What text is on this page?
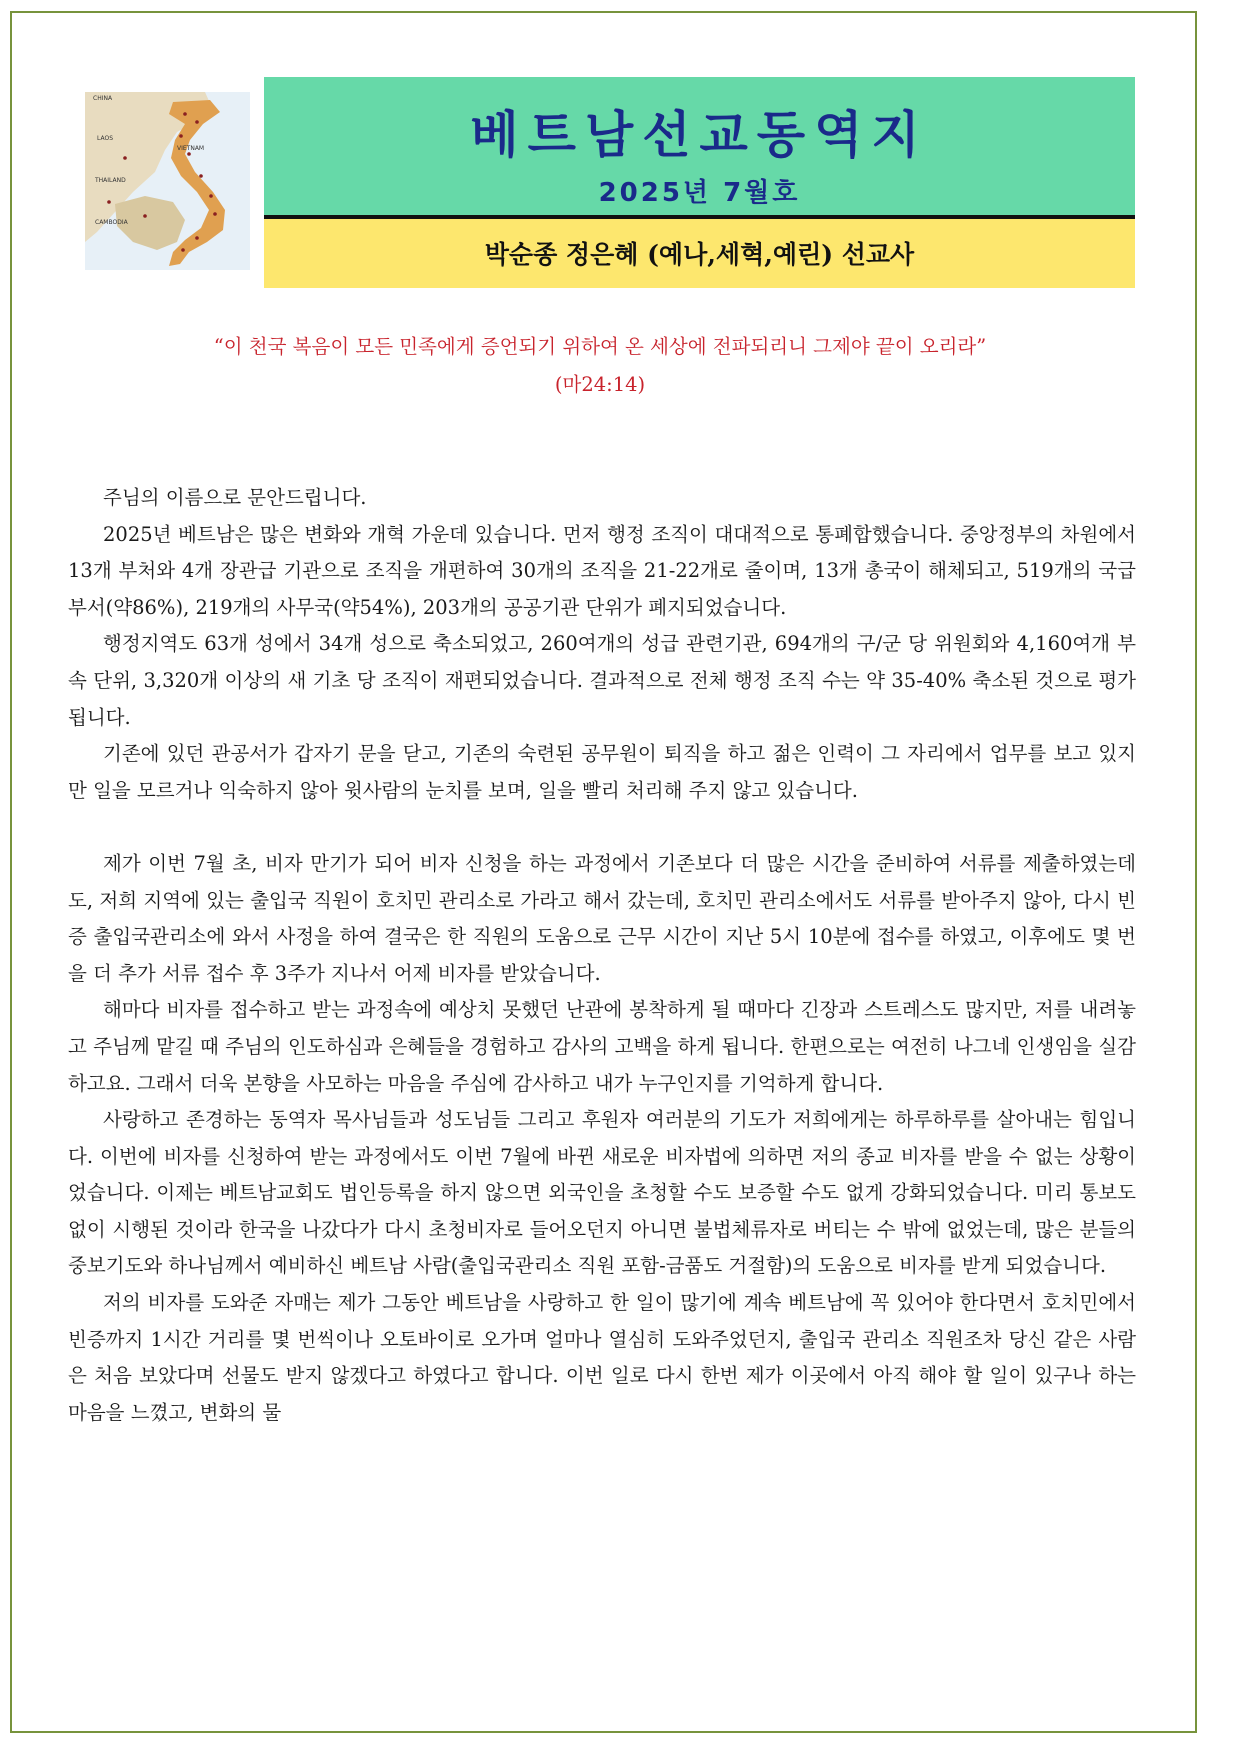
CHINA
LAOS
VIETNAM
THAILAND
CAMBODIA
베트남선교동역지
2025년 7월호
박순종 정은혜 (예나,세혁,예린) 선교사
“이 천국 복음이 모든 민족에게 증언되기 위하여 온 세상에 전파되리니 그제야 끝이 오리라”
(마24:14)

주님의 이름으로 문안드립니다.

2025년 베트남은 많은 변화와 개혁 가운데 있습니다. 먼저 행정 조직이 대대적으로 통폐합했습니다. 중앙정부의 차원에서 13개 부처와 4개 장관급 기관으로 조직을 개편하여 30개의 조직을 21-22개로 줄이며, 13개 총국이 해체되고, 519개의 국급 부서(약86%), 219개의 사무국(약54%), 203개의 공공기관 단위가 폐지되었습니다.

행정지역도 63개 성에서 34개 성으로 축소되었고, 260여개의 성급 관련기관, 694개의 구/군 당 위원회와 4,160여개 부속 단위, 3,320개 이상의 새 기초 당 조직이 재편되었습니다. 결과적으로 전체 행정 조직 수는 약 35-40% 축소된 것으로 평가됩니다.

기존에 있던 관공서가 갑자기 문을 닫고, 기존의 숙련된 공무원이 퇴직을 하고 젊은 인력이 그 자리에서 업무를 보고 있지만 일을 모르거나 익숙하지 않아 윗사람의 눈치를 보며, 일을 빨리 처리해 주지 않고 있습니다.

제가 이번 7월 초, 비자 만기가 되어 비자 신청을 하는 과정에서 기존보다 더 많은 시간을 준비하여 서류를 제출하였는데도, 저희 지역에 있는 출입국 직원이 호치민 관리소로 가라고 해서 갔는데, 호치민 관리소에서도 서류를 받아주지 않아, 다시 빈증 출입국관리소에 와서 사정을 하여 결국은 한 직원의 도움으로 근무 시간이 지난 5시 10분에 접수를 하였고, 이후에도 몇 번을 더 추가 서류 접수 후 3주가 지나서 어제 비자를 받았습니다.

해마다 비자를 접수하고 받는 과정속에 예상치 못했던 난관에 봉착하게 될 때마다 긴장과 스트레스도 많지만, 저를 내려놓고 주님께 맡길 때 주님의 인도하심과 은혜들을 경험하고 감사의 고백을 하게 됩니다. 한편으로는 여전히 나그네 인생임을 실감하고요. 그래서 더욱 본향을 사모하는 마음을 주심에 감사하고 내가 누구인지를 기억하게 합니다.

사랑하고 존경하는 동역자 목사님들과 성도님들 그리고 후원자 여러분의 기도가 저희에게는 하루하루를 살아내는 힘입니다. 이번에 비자를 신청하여 받는 과정에서도 이번 7월에 바뀐 새로운 비자법에 의하면 저의 종교 비자를 받을 수 없는 상황이었습니다. 이제는 베트남교회도 법인등록을 하지 않으면 외국인을 초청할 수도 보증할 수도 없게 강화되었습니다. 미리 통보도 없이 시행된 것이라 한국을 나갔다가 다시 초청비자로 들어오던지 아니면 불법체류자로 버티는 수 밖에 없었는데, 많은 분들의 중보기도와 하나님께서 예비하신 베트남 사람(출입국관리소 직원 포함-금품도 거절함)의 도움으로 비자를 받게 되었습니다.

저의 비자를 도와준 자매는 제가 그동안 베트남을 사랑하고 한 일이 많기에 계속 베트남에 꼭 있어야 한다면서 호치민에서 빈증까지 1시간 거리를 몇 번씩이나 오토바이로 오가며 얼마나 열심히 도와주었던지, 출입국 관리소 직원조차 당신 같은 사람은 처음 보았다며 선물도 받지 않겠다고 하였다고 합니다. 이번 일로 다시 한번 제가 이곳에서 아직 해야 할 일이 있구나 하는 마음을 느꼈고, 변화의 물
